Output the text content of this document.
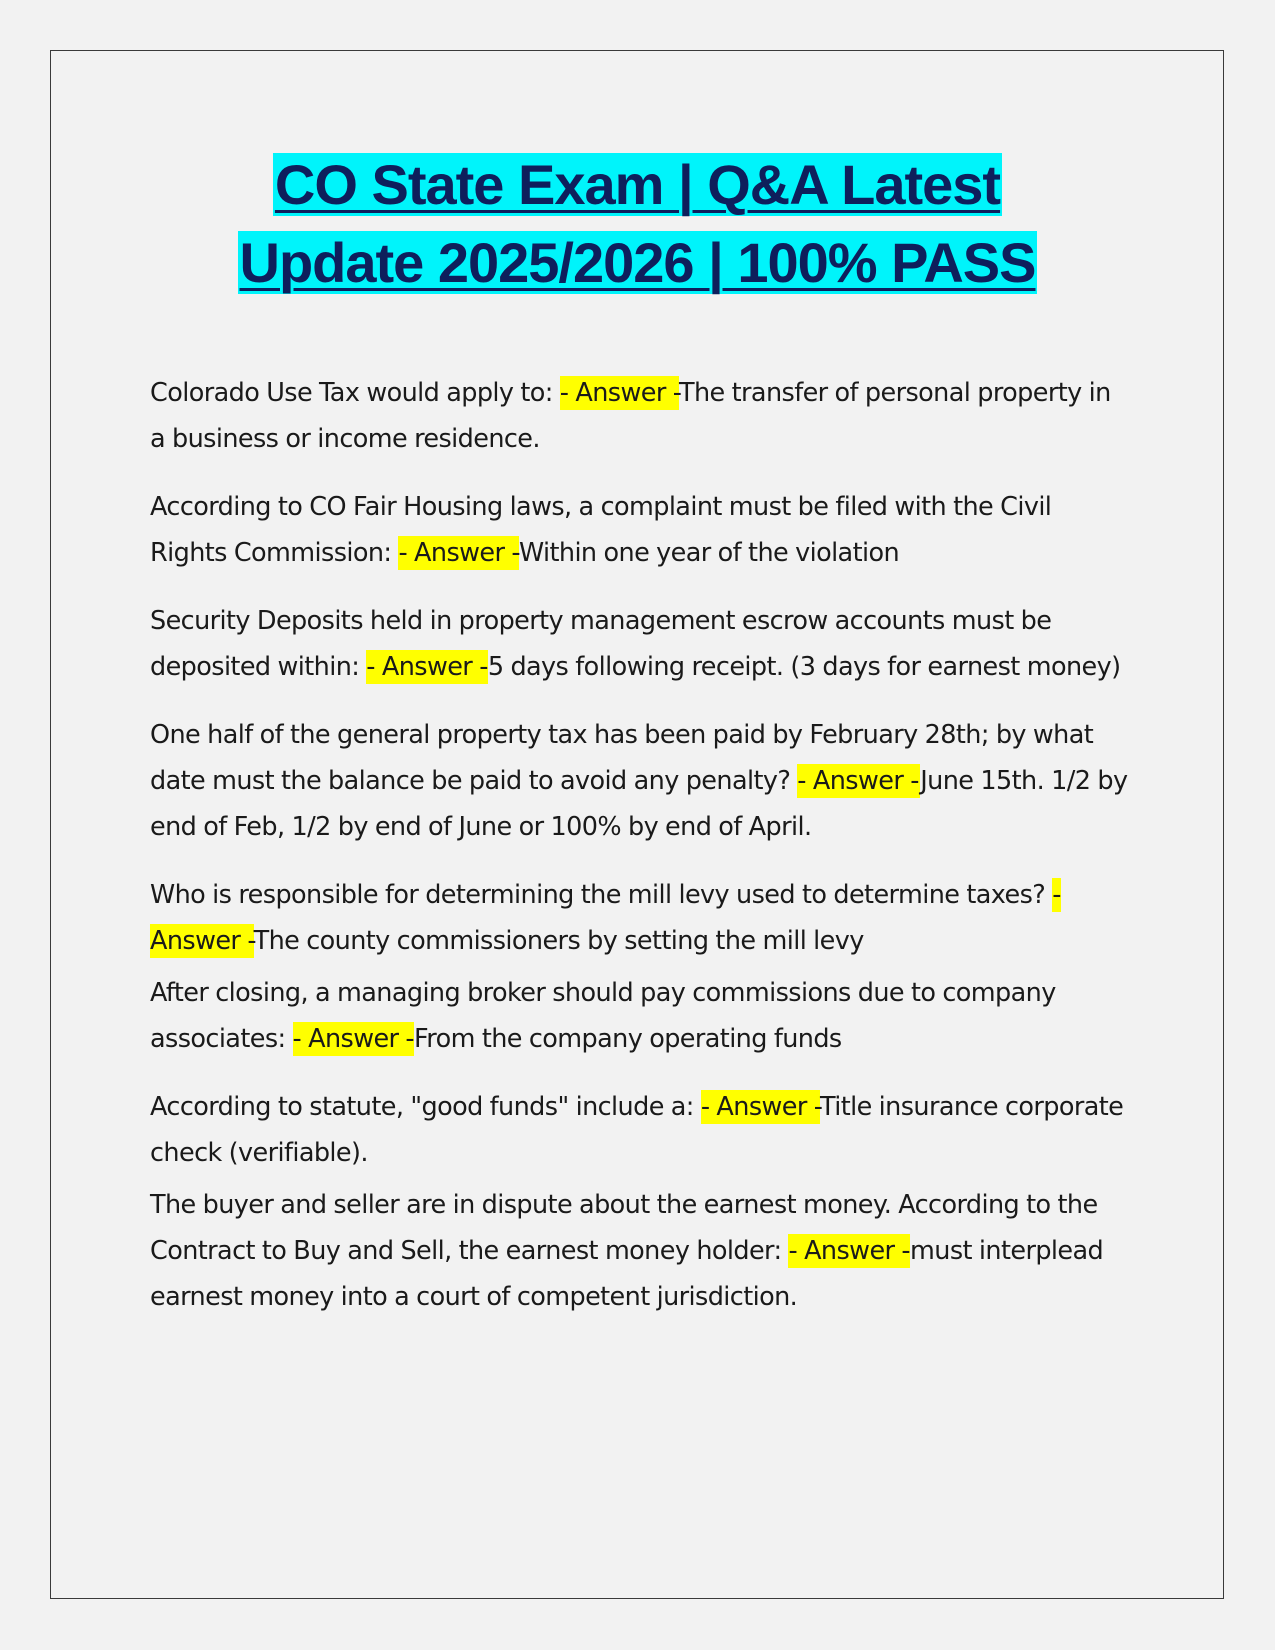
CO State Exam | Q&A Latest
Update 2025/2026 | 100% PASS

Colorado Use Tax would apply to: - Answer -The transfer of personal property in a business or income residence.

According to CO Fair Housing laws, a complaint must be filed with the Civil Rights Commission: - Answer -Within one year of the violation

Security Deposits held in property management escrow accounts must be deposited within: - Answer -5 days following receipt. (3 days for earnest money)

One half of the general property tax has been paid by February 28th; by what date must the balance be paid to avoid any penalty? - Answer -June 15th. 1/2 by end of Feb, 1/2 by end of June or 100% by end of April.

Who is responsible for determining the mill levy used to determine taxes? - Answer -The county commissioners by setting the mill levy

After closing, a managing broker should pay commissions due to company associates: - Answer -From the company operating funds

According to statute, "good funds" include a: - Answer -Title insurance corporate check (verifiable).

The buyer and seller are in dispute about the earnest money. According to the Contract to Buy and Sell, the earnest money holder: - Answer -must interplead earnest money into a court of competent jurisdiction.
